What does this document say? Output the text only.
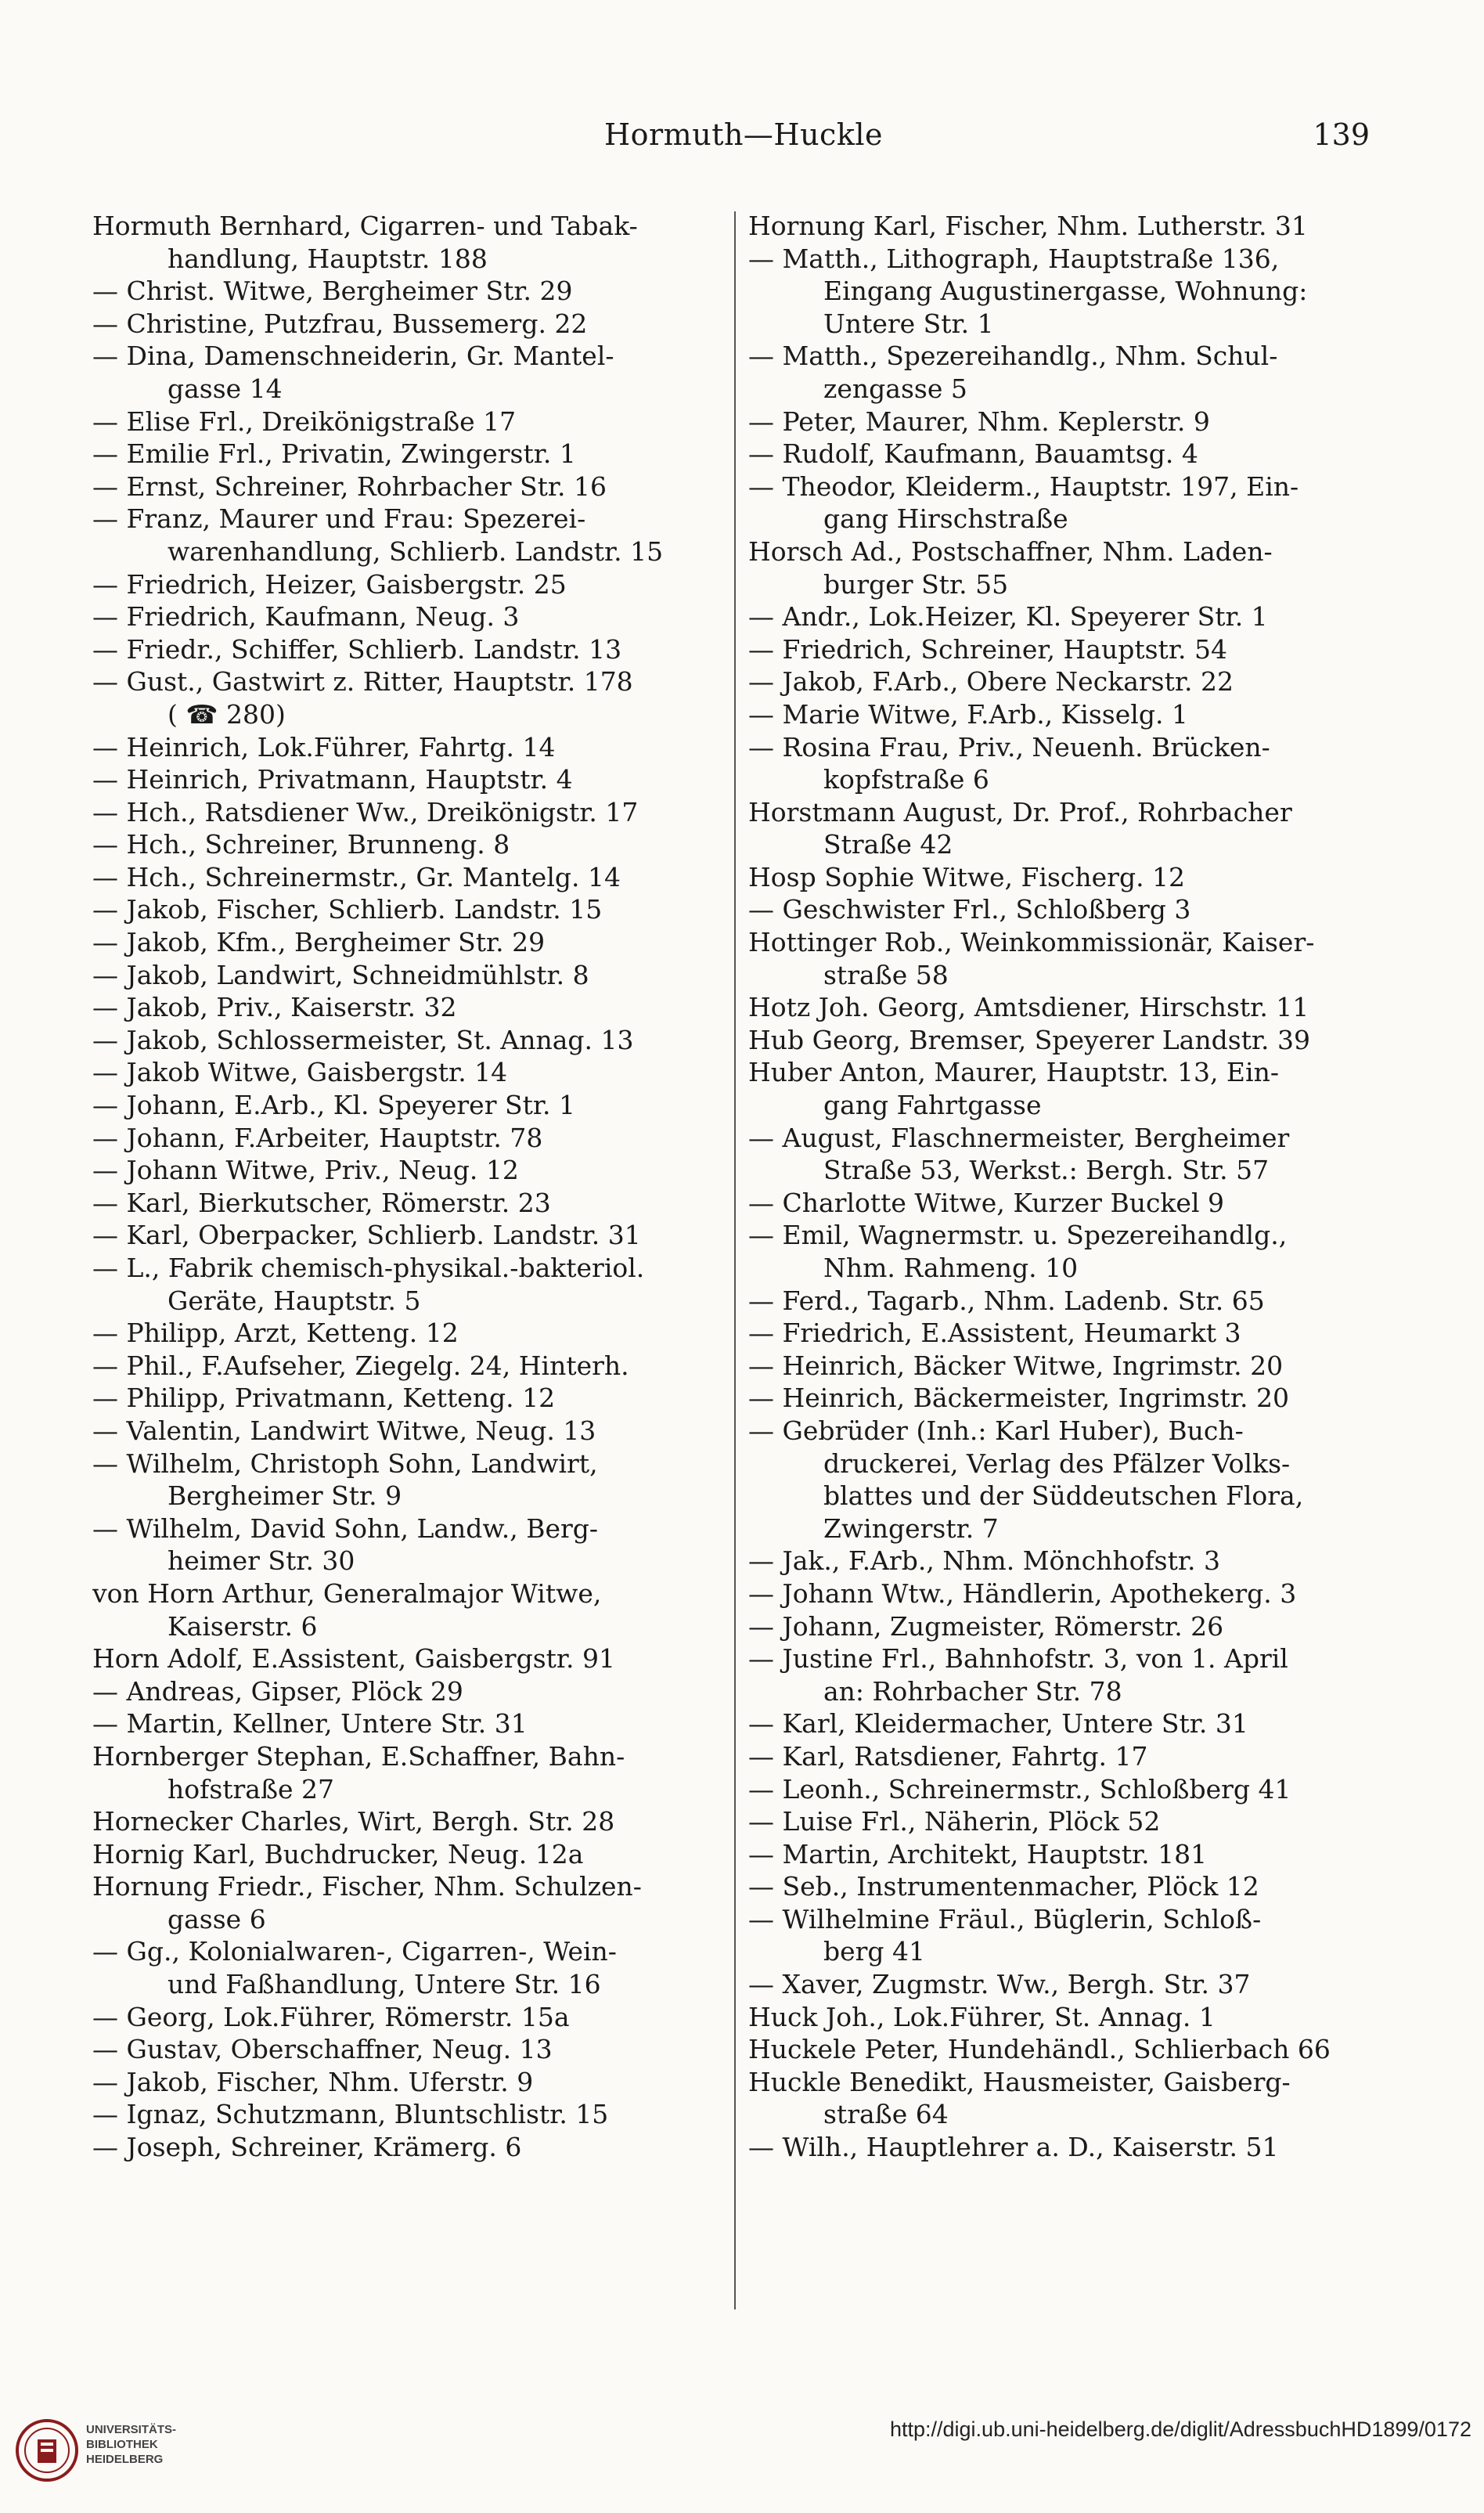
Hormuth—Huckle	139
Hormuth Bernhard, Cigarren- und Tabak-
handlung, Hauptstr. 188
— Christ. Witwe, Bergheimer Str. 29
— Christine, Putzfrau, Bussemerg. 22
— Dina, Damenschneiderin, Gr. Mantel-
gasse 14
— Elise Frl., Dreikönigstraße 17
— Emilie Frl., Privatin, Zwingerstr. 1
— Ernst, Schreiner, Rohrbacher Str. 16
— Franz, Maurer und Frau: Spezerei-
warenhandlung, Schlierb. Landstr. 15
— Friedrich, Heizer, Gaisbergstr. 25
— Friedrich, Kaufmann, Neug. 3
— Friedr., Schiffer, Schlierb. Landstr. 13
— Gust., Gastwirt z. Ritter, Hauptstr. 178
( ☎ 280)
— Heinrich, Lok.Führer, Fahrtg. 14
— Heinrich, Privatmann, Hauptstr. 4
— Hch., Ratsdiener Ww., Dreikönigstr. 17
— Hch., Schreiner, Brunneng. 8
— Hch., Schreinermstr., Gr. Mantelg. 14
— Jakob, Fischer, Schlierb. Landstr. 15
— Jakob, Kfm., Bergheimer Str. 29
— Jakob, Landwirt, Schneidmühlstr. 8
— Jakob, Priv., Kaiserstr. 32
— Jakob, Schlossermeister, St. Annag. 13
— Jakob Witwe, Gaisbergstr. 14
— Johann, E.Arb., Kl. Speyerer Str. 1
— Johann, F.Arbeiter, Hauptstr. 78
— Johann Witwe, Priv., Neug. 12
— Karl, Bierkutscher, Römerstr. 23
— Karl, Oberpacker, Schlierb. Landstr. 31
— L., Fabrik chemisch-physikal.-bakteriol.
Geräte, Hauptstr. 5
— Philipp, Arzt, Ketteng. 12
— Phil., F.Aufseher, Ziegelg. 24, Hinterh.
— Philipp, Privatmann, Ketteng. 12
— Valentin, Landwirt Witwe, Neug. 13
— Wilhelm, Christoph Sohn, Landwirt,
Bergheimer Str. 9
— Wilhelm, David Sohn, Landw., Berg-
heimer Str. 30
von Horn Arthur, Generalmajor Witwe,
Kaiserstr. 6
Horn Adolf, E.Assistent, Gaisbergstr. 91
— Andreas, Gipser, Plöck 29
— Martin, Kellner, Untere Str. 31
Hornberger Stephan, E.Schaffner, Bahn-
hofstraße 27
Hornecker Charles, Wirt, Bergh. Str. 28
Hornig Karl, Buchdrucker, Neug. 12a
Hornung Friedr., Fischer, Nhm. Schulzen-
gasse 6
— Gg., Kolonialwaren-, Cigarren-, Wein-
und Faßhandlung, Untere Str. 16
— Georg, Lok.Führer, Römerstr. 15a
— Gustav, Oberschaffner, Neug. 13
— Jakob, Fischer, Nhm. Uferstr. 9
— Ignaz, Schutzmann, Bluntschlistr. 15
— Joseph, Schreiner, Krämerg. 6
Hornung Karl, Fischer, Nhm. Lutherstr. 31
— Matth., Lithograph, Hauptstraße 136,
Eingang Augustinergasse, Wohnung:
Untere Str. 1
— Matth., Spezereihandlg., Nhm. Schul-
zengasse 5
— Peter, Maurer, Nhm. Keplerstr. 9
— Rudolf, Kaufmann, Bauamtsg. 4
— Theodor, Kleiderm., Hauptstr. 197, Ein-
gang Hirschstraße
Horsch Ad., Postschaffner, Nhm. Laden-
burger Str. 55
— Andr., Lok.Heizer, Kl. Speyerer Str. 1
— Friedrich, Schreiner, Hauptstr. 54
— Jakob, F.Arb., Obere Neckarstr. 22
— Marie Witwe, F.Arb., Kisselg. 1
— Rosina Frau, Priv., Neuenh. Brücken-
kopfstraße 6
Horstmann August, Dr. Prof., Rohrbacher
Straße 42
Hosp Sophie Witwe, Fischerg. 12
— Geschwister Frl., Schloßberg 3
Hottinger Rob., Weinkommissionär, Kaiser-
straße 58
Hotz Joh. Georg, Amtsdiener, Hirschstr. 11
Hub Georg, Bremser, Speyerer Landstr. 39
Huber Anton, Maurer, Hauptstr. 13, Ein-
gang Fahrtgasse
— August, Flaschnermeister, Bergheimer
Straße 53, Werkst.: Bergh. Str. 57
— Charlotte Witwe, Kurzer Buckel 9
— Emil, Wagnermstr. u. Spezereihandlg.,
Nhm. Rahmeng. 10
— Ferd., Tagarb., Nhm. Ladenb. Str. 65
— Friedrich, E.Assistent, Heumarkt 3
— Heinrich, Bäcker Witwe, Ingrimstr. 20
— Heinrich, Bäckermeister, Ingrimstr. 20
— Gebrüder (Inh.: Karl Huber), Buch-
druckerei, Verlag des Pfälzer Volks-
blattes und der Süddeutschen Flora,
Zwingerstr. 7
— Jak., F.Arb., Nhm. Mönchhofstr. 3
— Johann Wtw., Händlerin, Apothekerg. 3
— Johann, Zugmeister, Römerstr. 26
— Justine Frl., Bahnhofstr. 3, von 1. April
an: Rohrbacher Str. 78
— Karl, Kleidermacher, Untere Str. 31
— Karl, Ratsdiener, Fahrtg. 17
— Leonh., Schreinermstr., Schloßberg 41
— Luise Frl., Näherin, Plöck 52
— Martin, Architekt, Hauptstr. 181
— Seb., Instrumentenmacher, Plöck 12
— Wilhelmine Fräul., Büglerin, Schloß-
berg 41
— Xaver, Zugmstr. Ww., Bergh. Str. 37
Huck Joh., Lok.Führer, St. Annag. 1
Huckele Peter, Hundehändl., Schlierbach 66
Huckle Benedikt, Hausmeister, Gaisberg-
straße 64
— Wilh., Hauptlehrer a. D., Kaiserstr. 51
UNIVERSITÄTS-
BIBLIOTHEK
HEIDELBERG
http://digi.ub.uni-heidelberg.de/diglit/AdressbuchHD1899/0172
